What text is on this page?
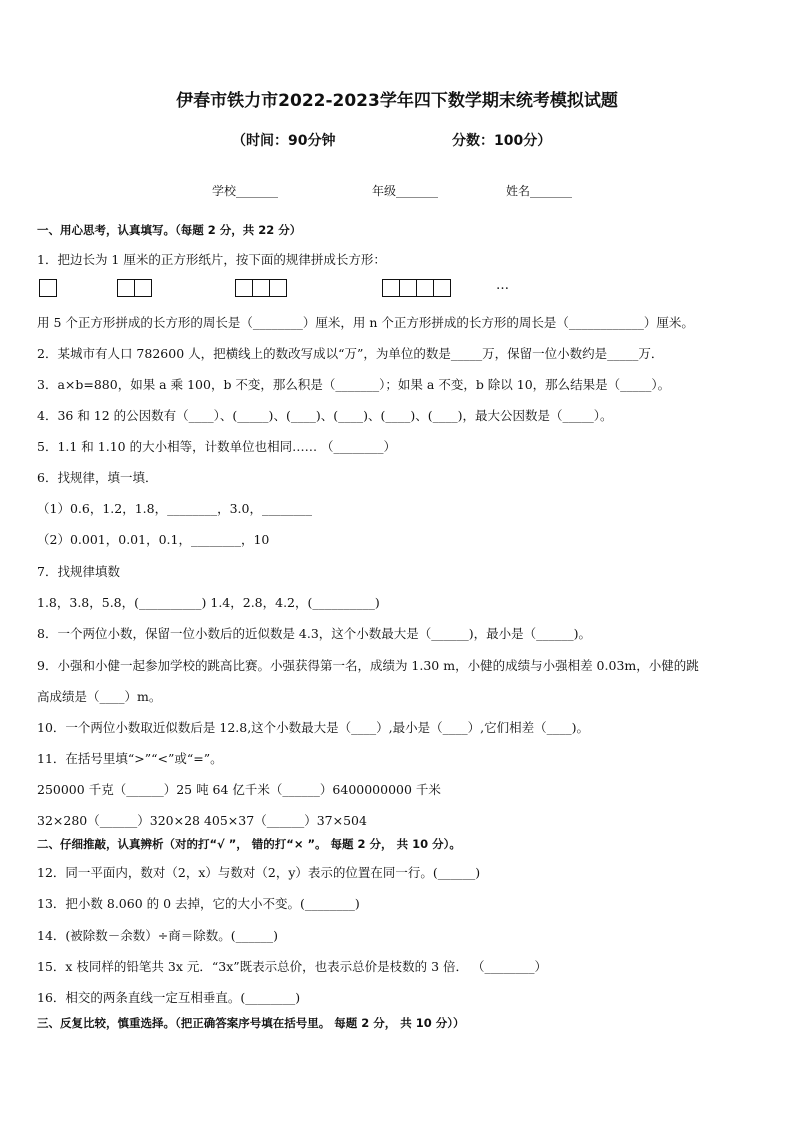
伊春市铁力市2022-2023学年四下数学期末统考模拟试题
（时间：90分钟	分数：100分）
学校_______	年级_______	姓名_______
一、用心思考，认真填写。（每题 2 分，共 22 分）
1．把边长为 1 厘米的正方形纸片，按下面的规律拼成长方形：
…
用 5 个正方形拼成的长方形的周长是（________）厘米，用 n 个正方形拼成的长方形的周长是（____________）厘米。
2．某城市有人口 782600 人，把横线上的数改写成以“万”，为单位的数是_____万，保留一位小数约是_____万．
3．a×b=880，如果 a 乘 100，b 不变，那么积是（_______）；如果 a 不变，b 除以 10，那么结果是（_____）。
4．36 和 12 的公因数有（____）、(_____)、(____)、(____)、(____)、(____)，最大公因数是（_____）。
5．1.1 和 1.10 的大小相等，计数单位也相同…… （________）
6．找规律，填一填．
（1）0.6，1.2，1.8，________，3.0，________
（2）0.001，0.01，0.1，________，10
7．找规律填数
1.8，3.8，5.8，(__________) 1.4，2.8，4.2，(__________)
8．一个两位小数，保留一位小数后的近似数是 4.3，这个小数最大是（______)，最小是（______)。
9．小强和小健一起参加学校的跳高比赛。小强获得第一名，成绩为 1.30 m，小健的成绩与小强相差 0.03m，小健的跳
高成绩是（____）m。
10．一个两位小数取近似数后是 12.8,这个小数最大是（____）,最小是（____）,它们相差（____)。
11．在括号里填“>”“<”或“=”。
250000 千克（______）25 吨 64 亿千米（______）6400000000 千米
32×280（______）320×28 405×37（______）37×504
二、仔细推敲，认真辨析（对的打“√ ”， 错的打“× ”。 每题 2 分， 共 10 分）。
12．同一平面内，数对（2，x）与数对（2，y）表示的位置在同一行。(______)
13．把小数 8.060 的 0 去掉，它的大小不变。(________)
14．(被除数－余数）÷商＝除数。(______)
15．x 枝同样的铅笔共 3x 元．“3x”既表示总价，也表示总价是枝数的 3 倍． （________）
16．相交的两条直线一定互相垂直。(________)
三、反复比较，慎重选择。（把正确答案序号填在括号里。 每题 2 分， 共 10 分））
